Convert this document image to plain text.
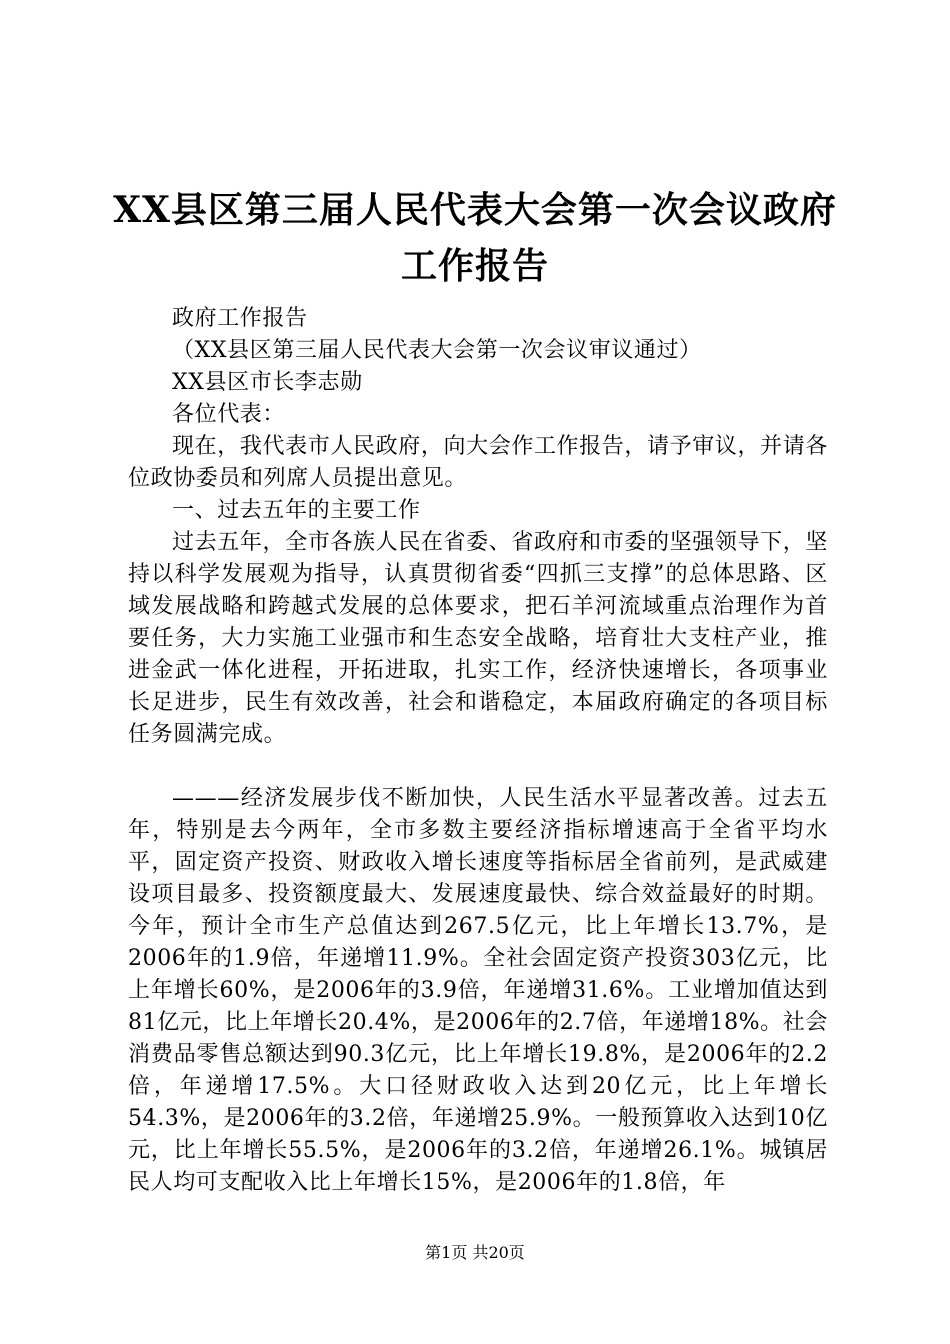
XX县区第三届人民代表大会第一次会议政府
工作报告

政府工作报告

（XX县区第三届人民代表大会第一次会议审议通过）

XX县区市长李志勋

各位代表：

现在，我代表市人民政府，向大会作工作报告，请予审议，并请各位政协委员和列席人员提出意见。

一、过去五年的主要工作

过去五年，全市各族人民在省委、省政府和市委的坚强领导下，坚持以科学发展观为指导，认真贯彻省委“四抓三支撑”的总体思路、区域发展战略和跨越式发展的总体要求，把石羊河流域重点治理作为首要任务，大力实施工业强市和生态安全战略，培育壮大支柱产业，推进金武一体化进程，开拓进取，扎实工作，经济快速增长，各项事业长足进步，民生有效改善，社会和谐稳定，本届政府确定的各项目标任务圆满完成。

———经济发展步伐不断加快，人民生活水平显著改善。过去五年，特别是去今两年，全市多数主要经济指标增速高于全省平均水平，固定资产投资、财政收入增长速度等指标居全省前列，是武威建设项目最多、投资额度最大、发展速度最快、综合效益最好的时期。今年，预计全市生产总值达到267.5亿元，比上年增长13.7%，是2006年的1.9倍，年递增11.9%。全社会固定资产投资303亿元，比上年增长60%，是2006年的3.9倍，年递增31.6%。工业增加值达到81亿元，比上年增长20.4%，是2006年的2.7倍，年递增18%。社会消费品零售总额达到90.3亿元，比上年增长19.8%，是2006年的2.2倍，年递增17.5%。大口径财政收入达到20亿元，比上年增长54.3%，是2006年的3.2倍，年递增25.9%。一般预算收入达到10亿元，比上年增长55.5%，是2006年的3.2倍，年递增26.1%。城镇居民人均可支配收入比上年增长15%，是2006年的1.8倍，年

第1页 共20页
